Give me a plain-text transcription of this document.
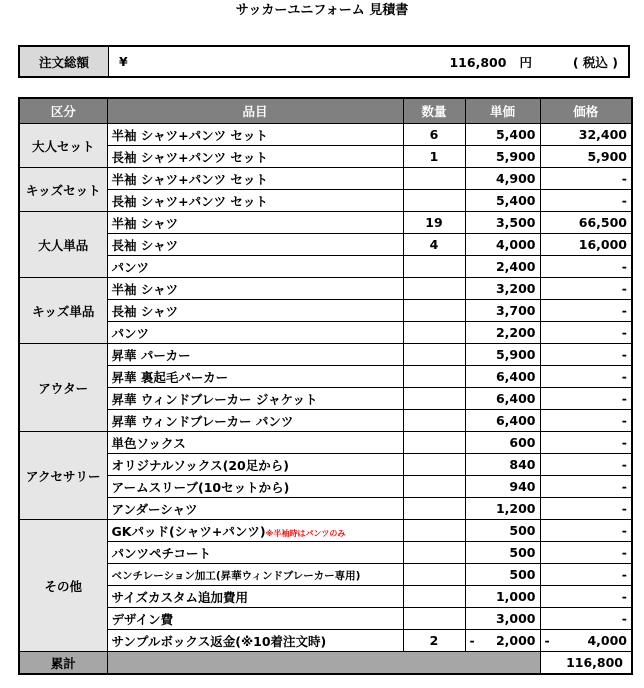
サッカーユニフォーム 見積書
注文総額	¥	116,800 円	( 税込 )
区分	品目	数量	単価	価格
大人セット	半袖 シャツ+パンツ セット	6	5,400	32,400
	長袖 シャツ+パンツ セット	1	5,900	5,900
キッズセット	半袖 シャツ+パンツ セット		4,900	-
	長袖 シャツ+パンツ セット		5,400	-
大人単品	半袖 シャツ	19	3,500	66,500
	長袖 シャツ	4	4,000	16,000
	パンツ		2,400	-
キッズ単品	半袖 シャツ		3,200	-
	長袖 シャツ		3,700	-
	パンツ		2,200	-
アウター	昇華 パーカー		5,900	-
	昇華 裏起毛パーカー		6,400	-
	昇華 ウィンドブレーカー ジャケット		6,400	-
	昇華 ウィンドブレーカー パンツ		6,400	-
アクセサリー	単色ソックス		600	-
	オリジナルソックス(20足から)		840	-
	アームスリーブ(10セットから)		940	-
	アンダーシャツ		1,200	-
その他	GKパッド(シャツ+パンツ)※半袖時はパンツのみ		500	-
	パンツペチコート		500	-
	ベンチレーション加工(昇華ウィンドブレーカー専用)		500	-
	サイズカスタム追加費用		1,000	-
	デザイン費		3,000	-
	サンプルボックス返金(※10着注文時)	2	- 2,000	- 4,000

累計				116,800
